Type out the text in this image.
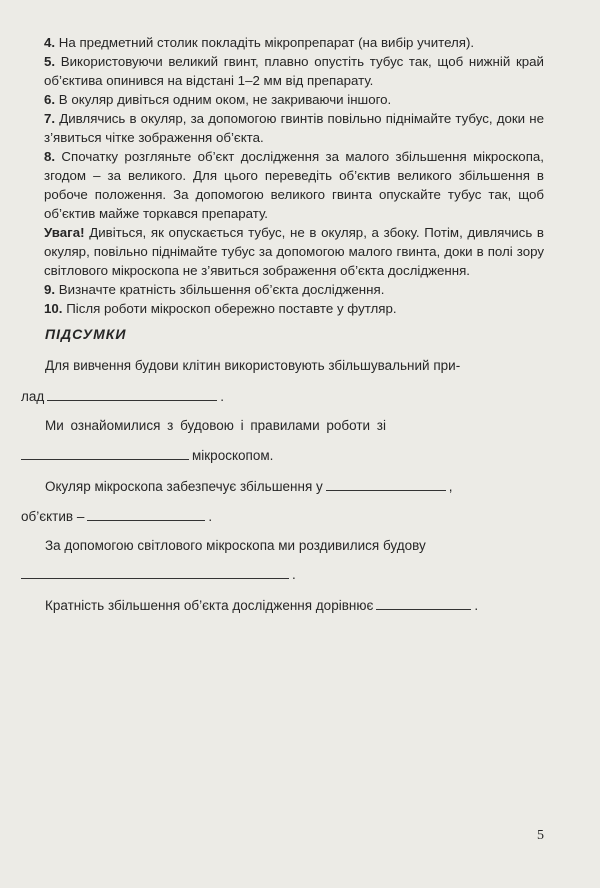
4. На предметний столик покладіть мікропрепарат (на вибір учителя).

5. Використовуючи великий гвинт, плавно опустіть тубус так, щоб нижній край об’єктива опинився на відстані 1–2 мм від препарату.

6. В окуляр дивіться одним оком, не закриваючи іншого.

7. Дивлячись в окуляр, за допомогою гвинтів повільно піднімайте тубус, доки не з’явиться чітке зображення об’єкта.

8. Спочатку розгляньте об’єкт дослідження за малого збільшення мікроскопа, згодом – за великого. Для цього переведіть об’єктив великого збільшення в робоче положення. За допомогою великого гвинта опускайте тубус так, щоб об’єктив майже торкався препарату.

Увага! Дивіться, як опускається тубус, не в окуляр, а збоку. Потім, дивлячись в окуляр, повільно піднімайте тубус за допомогою малого гвинта, доки в полі зору світлового мікроскопа не з’явиться зображення об’єкта дослідження.

9. Визначте кратність збільшення об’єкта дослідження.

10. Після роботи мікроскоп обережно поставте у футляр.

ПІДСУМКИ
Для вивчення будови клітин використовують збільшувальний при-
лад	.
Ми ознайомилися з будовою і правилами роботи зі
мікроскопом.
Окуляр мікроскопа забезпечує збільшення у	,
об’єктив –	.
За допомогою світлового мікроскопа ми роздивилися будову
.
Кратність збільшення об’єкта дослідження дорівнює	.
5
